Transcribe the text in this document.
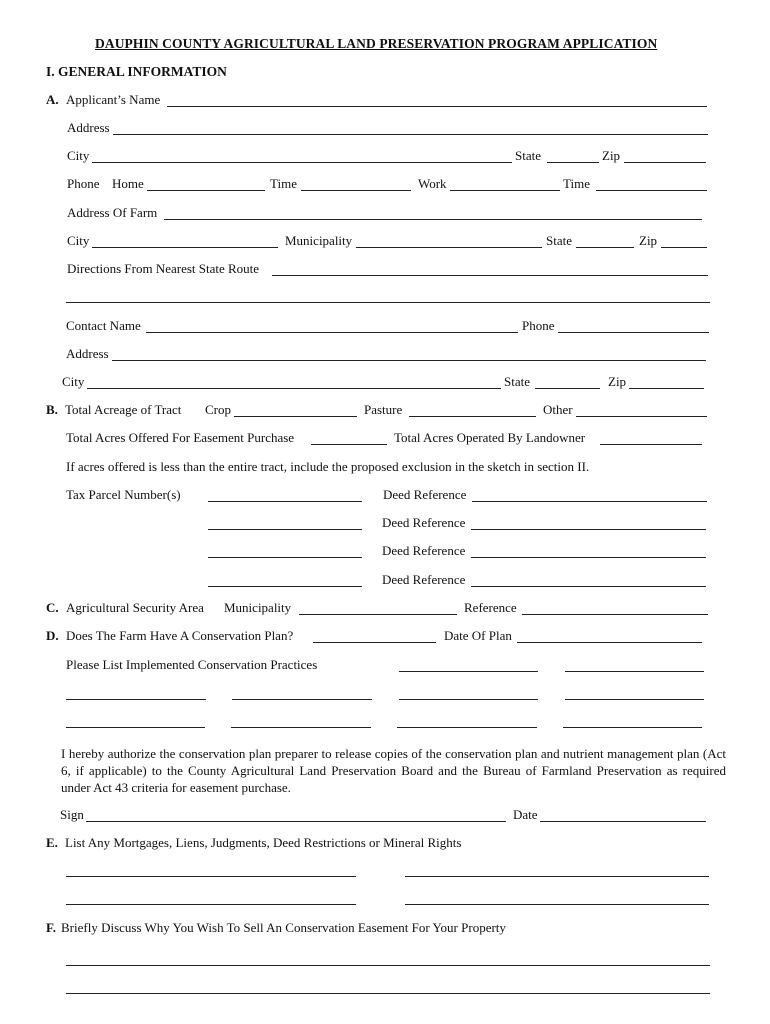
DAUPHIN COUNTY AGRICULTURAL LAND PRESERVATION PROGRAM APPLICATION
I. GENERAL INFORMATION
A. Applicant’s Name
Address
City	State	Zip
Phone Home	Time	Work	Time
Address Of Farm
City	Municipality	State	Zip
Directions From Nearest State Route
Contact Name	Phone
Address
City	State	Zip
B. Total Acreage of Tract Crop	Pasture	Other
Total Acres Offered For Easement Purchase	Total Acres Operated By Landowner
If acres offered is less than the entire tract, include the proposed exclusion in the sketch in section II.
Tax Parcel Number(s)	Deed Reference
Deed Reference
Deed Reference
Deed Reference
C. Agricultural Security Area Municipality	Reference
D. Does The Farm Have A Conservation Plan?	Date Of Plan
Please List Implemented Conservation Practices
I hereby authorize the conservation plan preparer to release copies of the conservation plan and nutrient management plan (Act 6, if applicable) to the County Agricultural Land Preservation Board and the Bureau of Farmland Preservation as required under Act 43 criteria for easement purchase.
Sign	Date
E. List Any Mortgages, Liens, Judgments, Deed Restrictions or Mineral Rights
F. Briefly Discuss Why You Wish To Sell An Conservation Easement For Your Property
